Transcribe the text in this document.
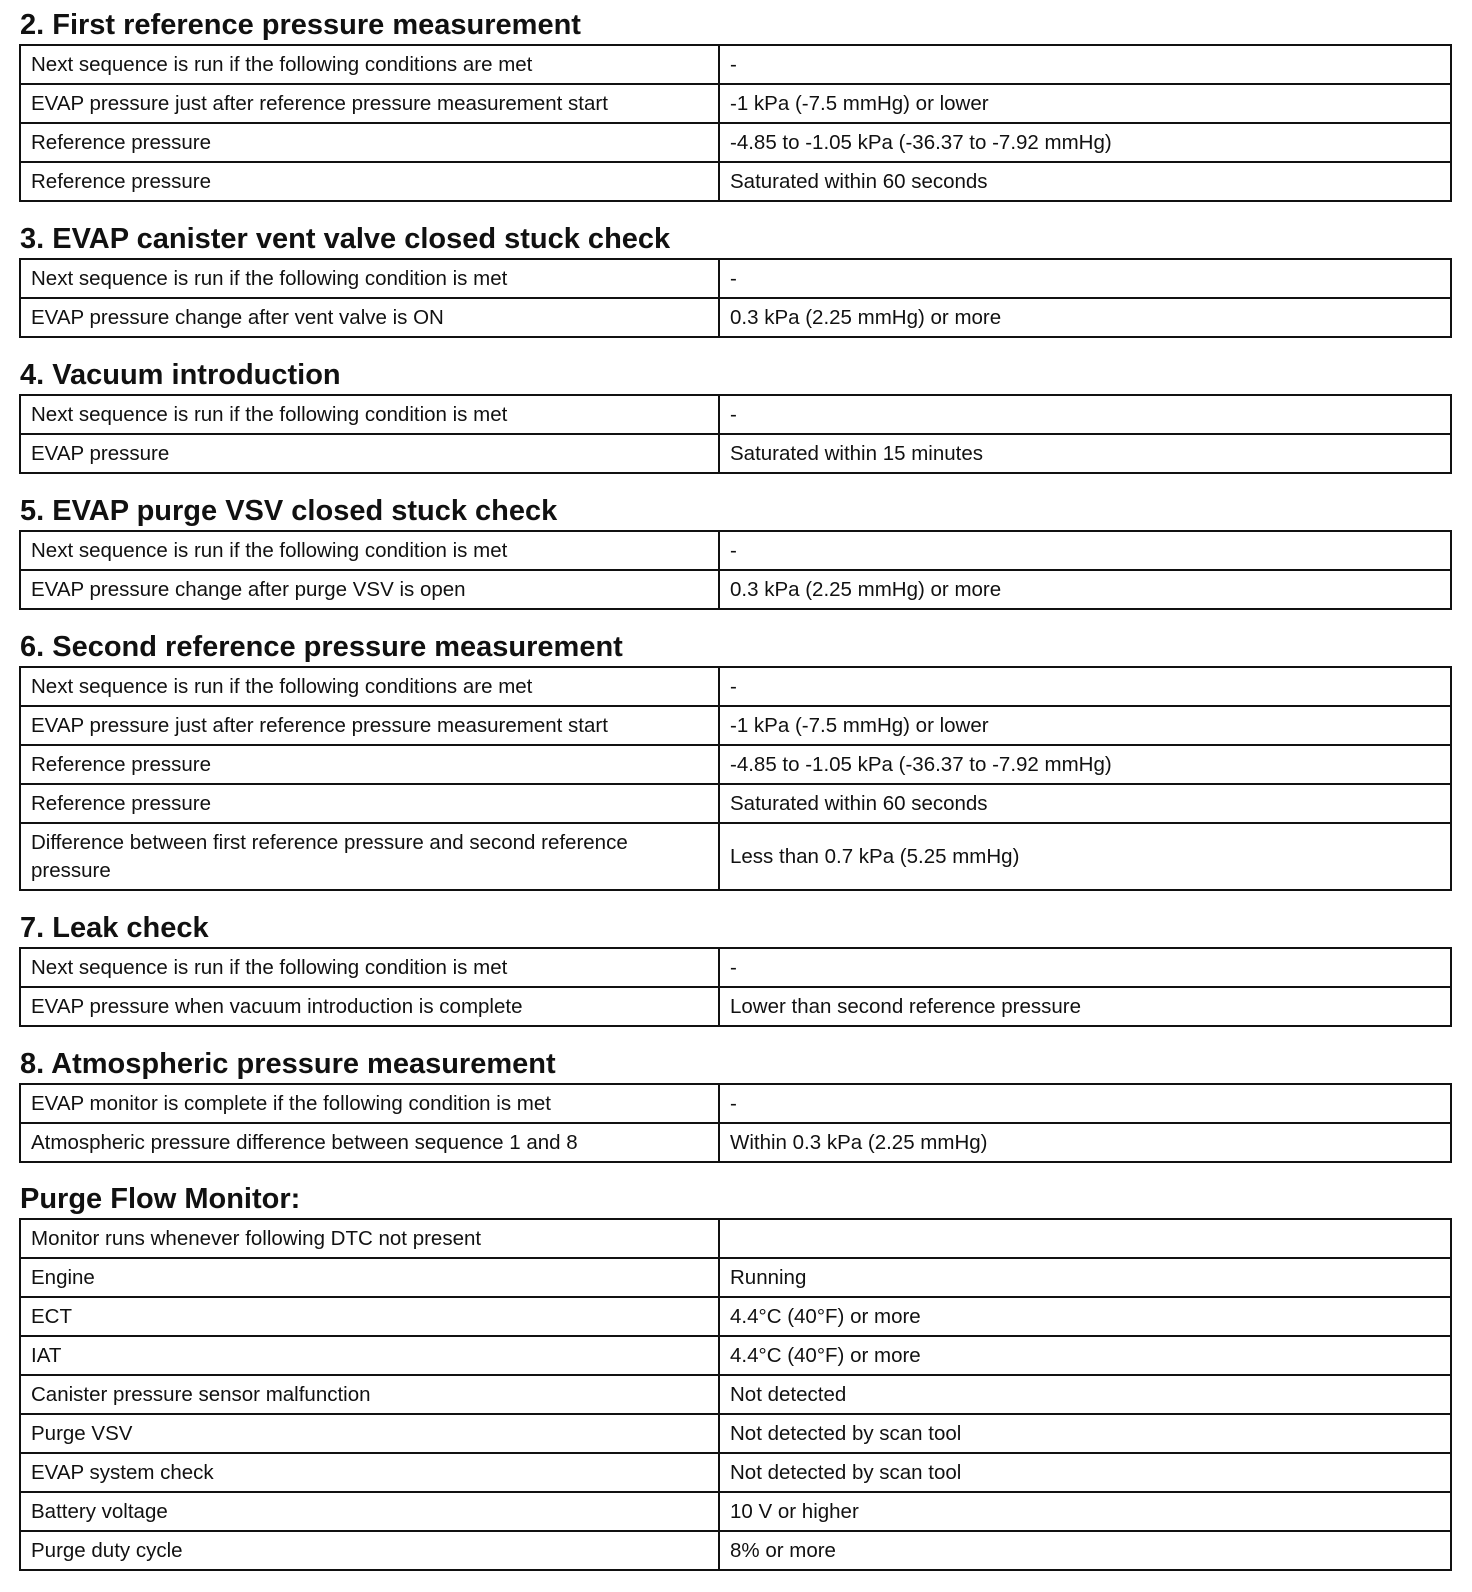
2. First reference pressure measurement
Next sequence is run if the following conditions are met	-
EVAP pressure just after reference pressure measurement start	-1 kPa (-7.5 mmHg) or lower
Reference pressure	-4.85 to -1.05 kPa (-36.37 to -7.92 mmHg)
Reference pressure	Saturated within 60 seconds
3. EVAP canister vent valve closed stuck check
Next sequence is run if the following condition is met	-
EVAP pressure change after vent valve is ON	0.3 kPa (2.25 mmHg) or more
4. Vacuum introduction
Next sequence is run if the following condition is met	-
EVAP pressure	Saturated within 15 minutes
5. EVAP purge VSV closed stuck check
Next sequence is run if the following condition is met	-
EVAP pressure change after purge VSV is open	0.3 kPa (2.25 mmHg) or more
6. Second reference pressure measurement
Next sequence is run if the following conditions are met	-
EVAP pressure just after reference pressure measurement start	-1 kPa (-7.5 mmHg) or lower
Reference pressure	-4.85 to -1.05 kPa (-36.37 to -7.92 mmHg)
Reference pressure	Saturated within 60 seconds
Difference between first reference pressure and second reference pressure	Less than 0.7 kPa (5.25 mmHg)
7. Leak check
Next sequence is run if the following condition is met	-
EVAP pressure when vacuum introduction is complete	Lower than second reference pressure
8. Atmospheric pressure measurement
EVAP monitor is complete if the following condition is met	-
Atmospheric pressure difference between sequence 1 and 8	Within 0.3 kPa (2.25 mmHg)
Purge Flow Monitor:
Monitor runs whenever following DTC not present	
Engine	Running
ECT	4.4°C (40°F) or more
IAT	4.4°C (40°F) or more
Canister pressure sensor malfunction	Not detected
Purge VSV	Not detected by scan tool
EVAP system check	Not detected by scan tool
Battery voltage	10 V or higher
Purge duty cycle	8% or more
